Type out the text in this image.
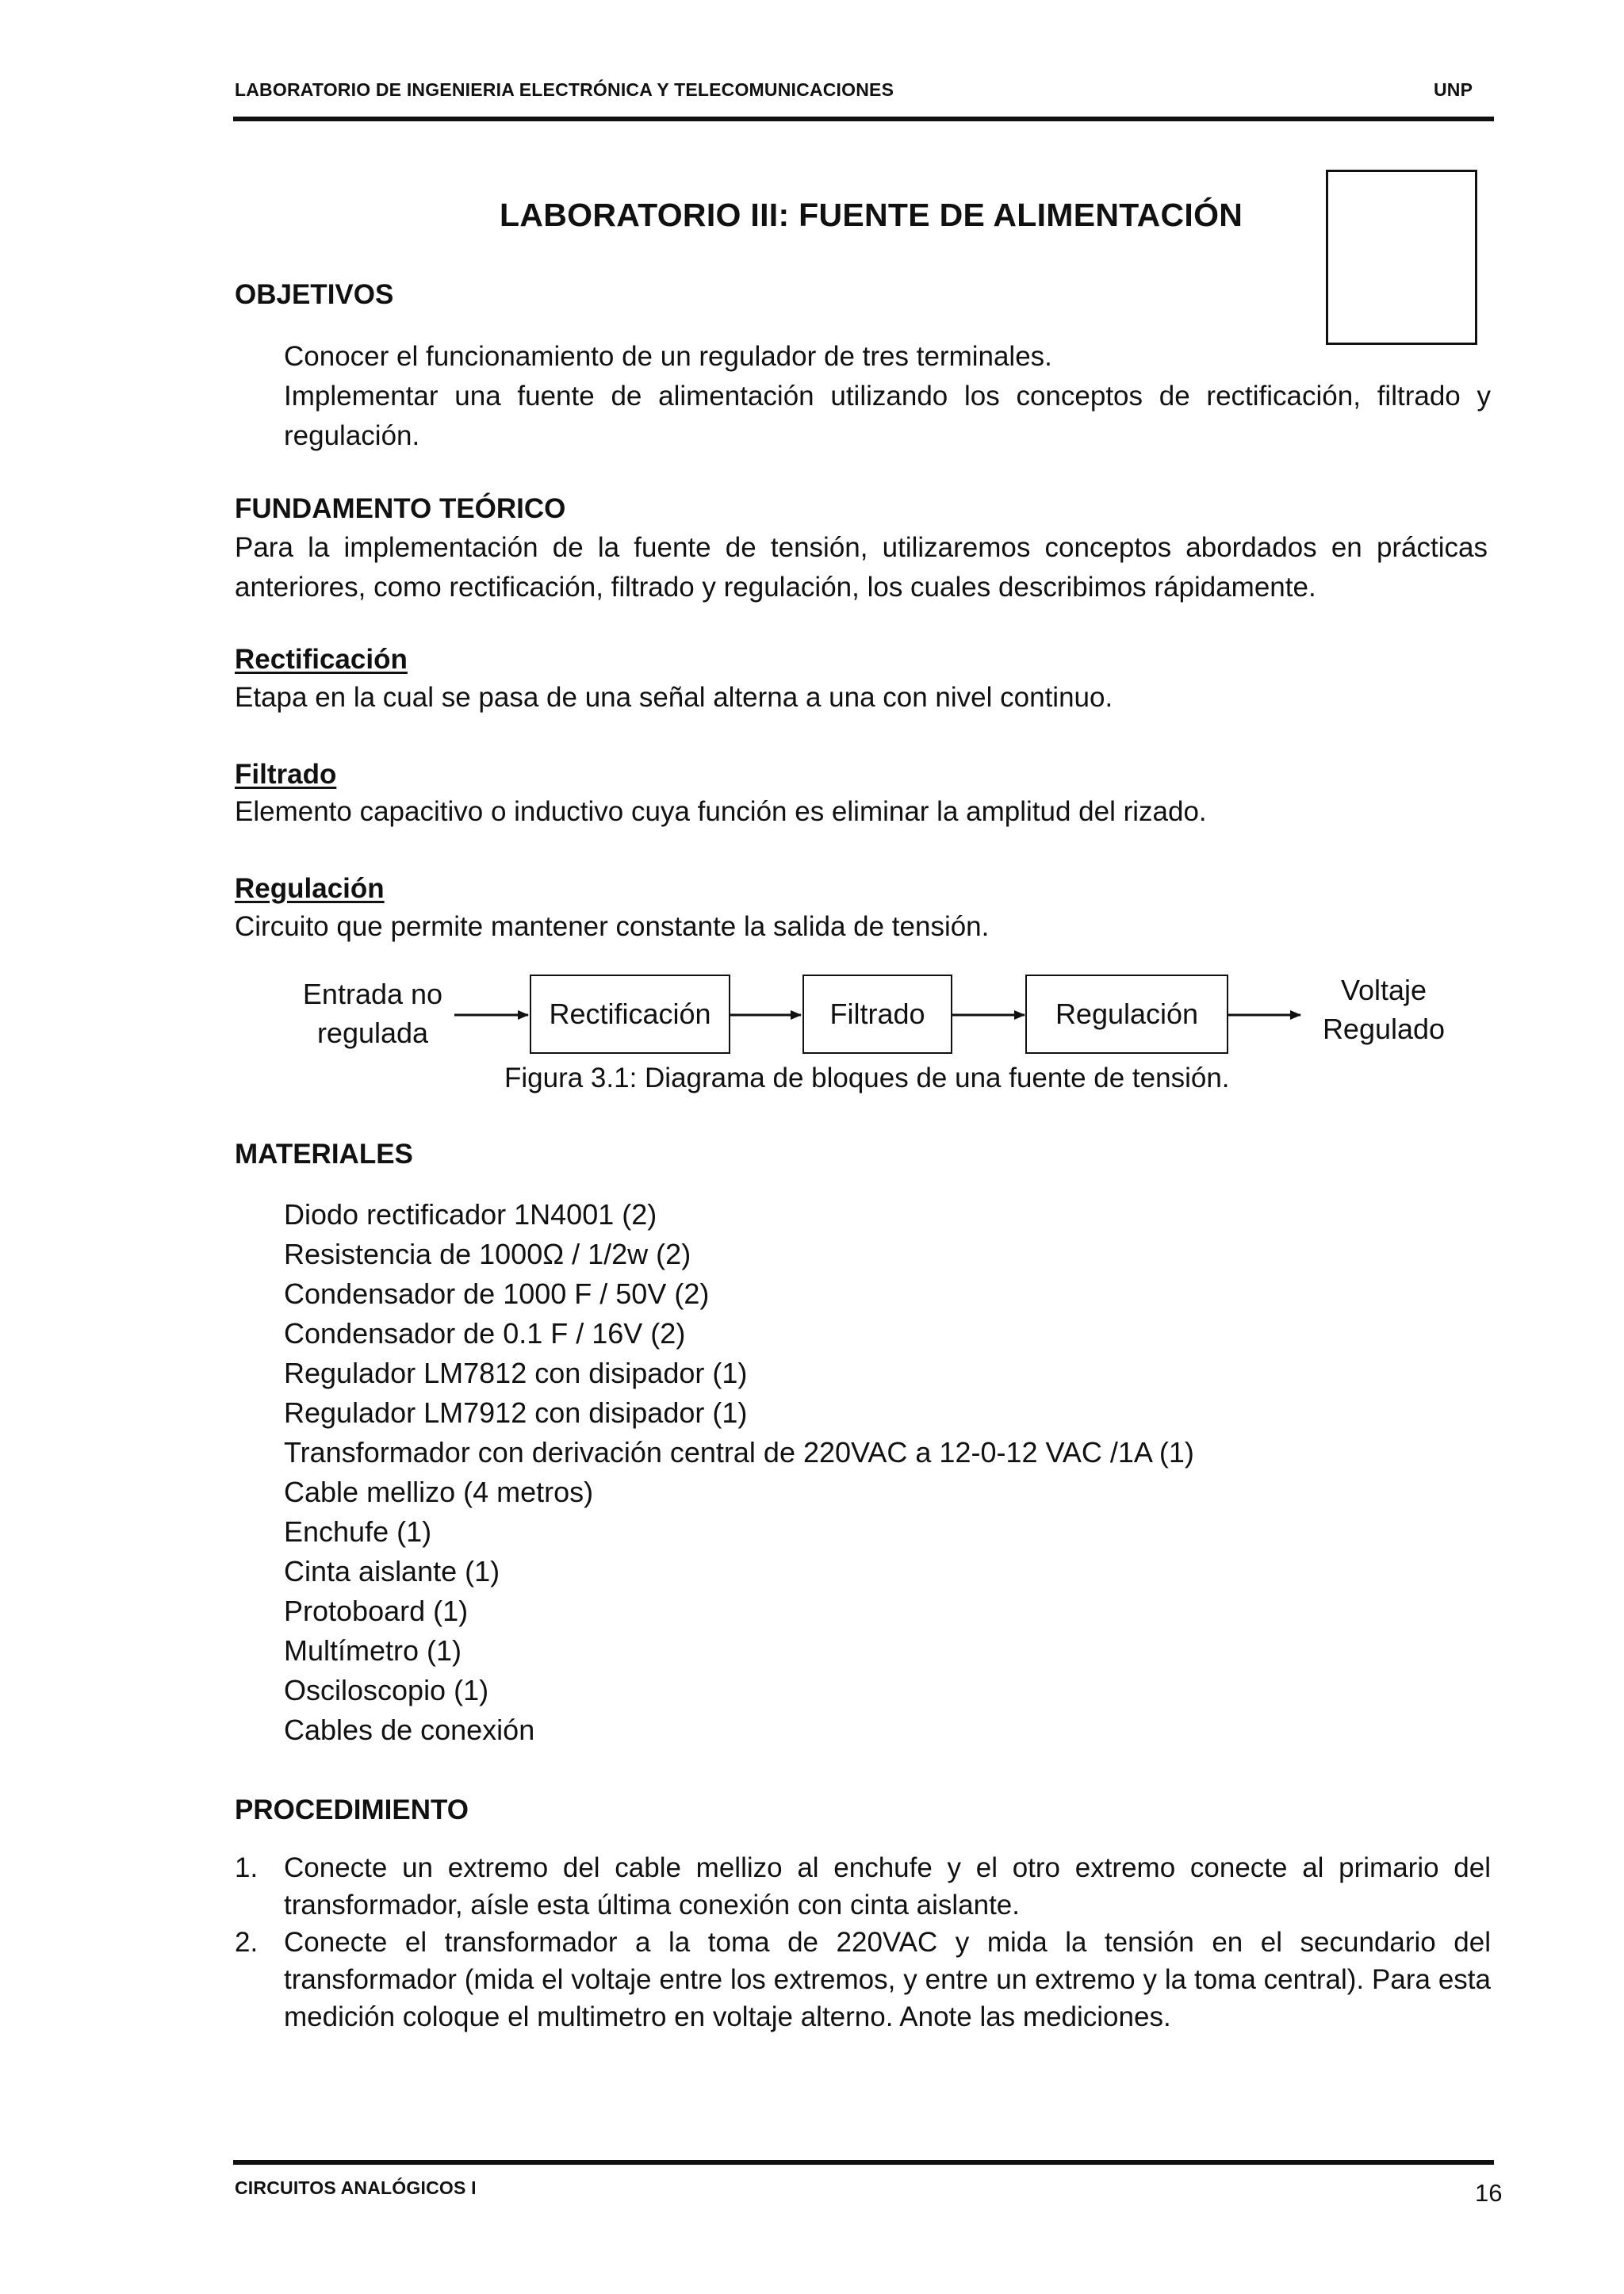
LABORATORIO DE INGENIERIA ELECTRÓNICA Y TELECOMUNICACIONES	UNP
LABORATORIO III: FUENTE DE ALIMENTACIÓN
OBJETIVOS
Conocer el funcionamiento de un regulador de tres terminales.
Implementar una fuente de alimentación utilizando los conceptos de rectificación, filtrado y
regulación.
FUNDAMENTO TEÓRICO
Para la implementación de la fuente de tensión, utilizaremos conceptos abordados en prácticas
anteriores, como rectificación, filtrado y regulación, los cuales describimos rápidamente.
Rectificación
Etapa en la cual se pasa de una señal alterna a una con nivel continuo.
Filtrado
Elemento capacitivo o inductivo cuya función es eliminar la amplitud del rizado.
Regulación
Circuito que permite mantener constante la salida de tensión.
Entrada no
regulada
Rectificación	Filtrado	Regulación
Voltaje
Regulado
Figura 3.1: Diagrama de bloques de una fuente de tensión.
MATERIALES
Diodo rectificador 1N4001 (2)
Resistencia de 1000Ω / 1/2w (2)
Condensador de 1000 F / 50V (2)
Condensador de 0.1 F / 16V (2)
Regulador LM7812 con disipador (1)
Regulador LM7912 con disipador (1)
Transformador con derivación central de 220VAC a 12-0-12 VAC /1A (1)
Cable mellizo (4 metros)
Enchufe (1)
Cinta aislante (1)
Protoboard (1)
Multímetro (1)
Osciloscopio (1)
Cables de conexión
PROCEDIMIENTO
1. Conecte un extremo del cable mellizo al enchufe y el otro extremo conecte al primario del
transformador, aísle esta última conexión con cinta aislante.
2. Conecte el transformador a la toma de 220VAC y mida la tensión en el secundario del
transformador (mida el voltaje entre los extremos, y entre un extremo y la toma central). Para esta
medición coloque el multimetro en voltaje alterno. Anote las mediciones.
CIRCUITOS ANALÓGICOS I	16
